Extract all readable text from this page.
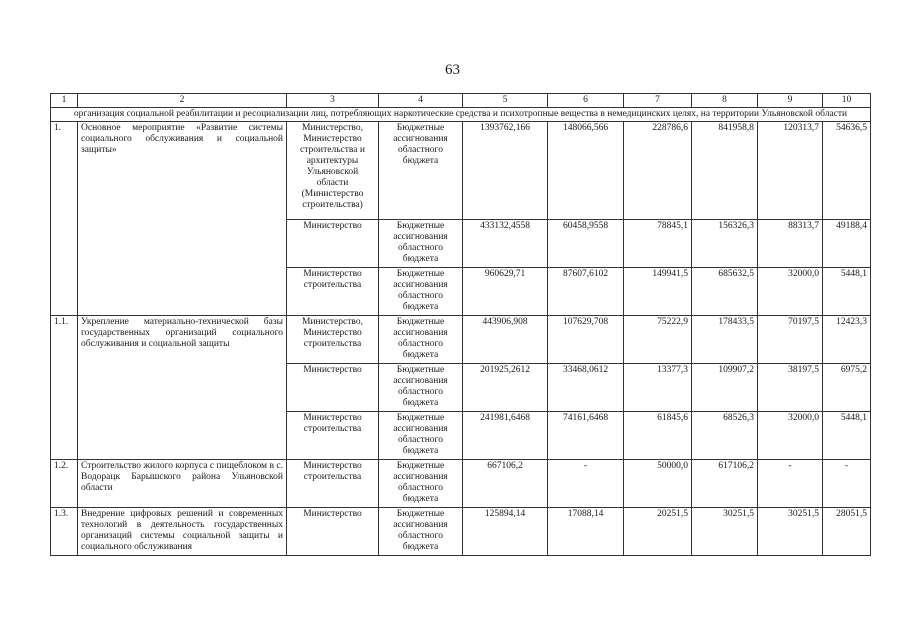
63
1	2	3	4	5	6	7	8	9	10
организация социальной реабилитации и ресоциализации лиц, потребляющих наркотические средства и психотропные вещества в немедицинских целях, на территории Ульяновской области									
1.	Основное мероприятие «Развитие системы социального обслуживания и социальной защиты»	Министерство, Министерство строительства и архитектуры Ульяновской области (Министерство строительства)	Бюджетные ассигнования областного бюджета	1393762,166	148066,566	228786,6	841958,8	120313,7	54636,5
		Министерство	Бюджетные ассигнования областного бюджета	433132,4558	60458,9558	78845,1	156326,3	88313,7	49188,4
		Министерство строительства	Бюджетные ассигнования областного бюджета	960629,71	87607,6102	149941,5	685632,5	32000,0	5448,1
1.1.	Укрепление материально-технической базы государственных организаций социального обслуживания и социальной защиты	Министерство, Министерство строительства	Бюджетные ассигнования областного бюджета	443906,908	107629,708	75222,9	178433,5	70197,5	12423,3
		Министерство	Бюджетные ассигнования областного бюджета	201925,2612	33468,0612	13377,3	109907,2	38197,5	6975,2
		Министерство строительства	Бюджетные ассигнования областного бюджета	241981,6468	74161,6468	61845,6	68526,3	32000,0	5448,1
1.2.	Строительство жилого корпуса с пищеблоком в с. Водорацк Барышского района Ульяновской области	Министерство строительства	Бюджетные ассигнования областного бюджета	667106,2	-	50000,0	617106,2	-	-
1.3.	Внедрение цифровых решений и современных технологий в деятельность государственных организаций системы социальной защиты и социального обслуживания	Министерство	Бюджетные ассигнования областного бюджета	125894,14	17088,14	20251,5	30251,5	30251,5	28051,5
